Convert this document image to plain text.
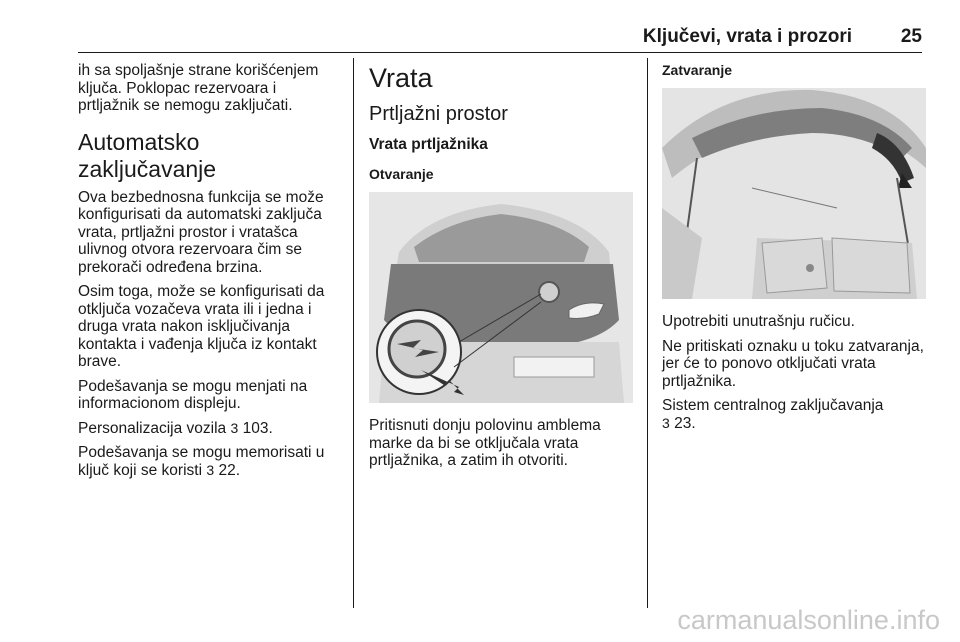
Ključevi, vrata i prozori	25

ih sa spoljašnje strane korišćenjem ključa. Poklopac rezervoara i prtljažnik se nemogu zaključati.

Automatsko zaključavanje

Ova bezbednosna funkcija se može konfigurisati da automatski zaključa vrata, prtljažni prostor i vratašca ulivnog otvora rezervoara čim se prekorači određena brzina.

Osim toga, može se konfigurisati da otključa vozačeva vrata ili i jedna i druga vrata nakon isključivanja kontakta i vađenja ključa iz kontakt brave.

Podešavanja se mogu menjati na informacionom displeju.

Personalizacija vozila 3 103.

Podešavanja se mogu memorisati u ključ koji se koristi 3 22.

Vrata
Prtljažni prostor
Vrata prtljažnika
Otvaranje

Pritisnuti donju polovinu amblema marke da bi se otključala vrata prtljažnika, a zatim ih otvoriti.

Zatvaranje

Upotrebiti unutrašnju ručicu.

Ne pritiskati oznaku u toku zatvaranja, jer će to ponovo otključati vrata prtljažnika.

Sistem centralnog zaključavanja
3 23.

carmanualsonline.info
